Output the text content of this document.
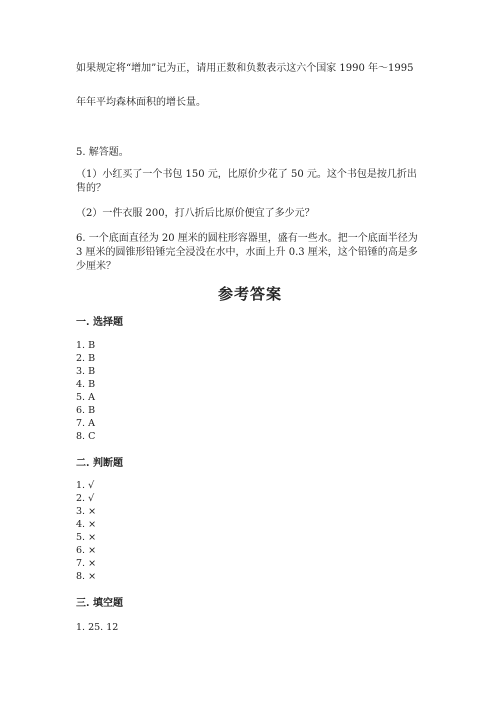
如果规定将“增加”记为正，请用正数和负数表示这六个国家 1990 年～1995
年年平均森林面积的增长量。
5. 解答题。
（1）小红买了一个书包 150 元，比原价少花了 50 元。这个书包是按几折出售的？
（2）一件衣服 200，打八折后比原价便宜了多少元？
6. 一个底面直径为 20 厘米的圆柱形容器里，盛有一些水。把一个底面半径为 3 厘米的圆锥形铅锤完全浸没在水中，水面上升 0.3 厘米，这个铅锤的高是多少厘米？
参考答案
一. 选择题
1. B
2. B
3. B
4. B
5. A
6. B
7. A
8. C
二. 判断题
1. √
2. √
3. ×
4. ×
5. ×
6. ×
7. ×
8. ×
三. 填空题
1. 25. 12
